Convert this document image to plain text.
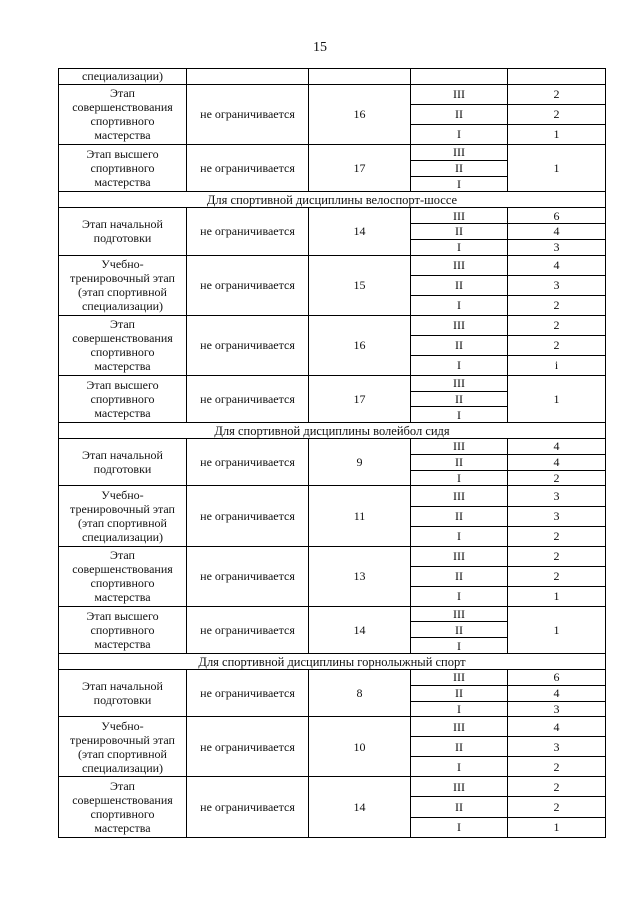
15
специализации)				
Этап совершенствования спортивного мастерства	не ограничивается	16	III	2
			II	2
			I	1
Этап высшего спортивного мастерства	не ограничивается	17	III	1
			II	
			I	
Для спортивной дисциплины велоспорт-шоссе				
Этап начальной подготовки	не ограничивается	14	III	6
			II	4
			I	3
Учебно-тренировочный этап (этап спортивной специализации)	не ограничивается	15	III	4
			II	3
			I	2
Этап совершенствования спортивного мастерства	не ограничивается	16	III	2
			II	2
			I	i
Этап высшего спортивного мастерства	не ограничивается	17	III	1
			II	
			I	
Для спортивной дисциплины волейбол сидя				
Этап начальной подготовки	не ограничивается	9	III	4
			II	4
			I	2
Учебно-тренировочный этап (этап спортивной специализации)	не ограничивается	11	III	3
			II	3
			I	2
Этап совершенствования спортивного мастерства	не ограничивается	13	III	2
			II	2
			I	1
Этап высшего спортивного мастерства	не ограничивается	14	III	1
			II	
			I	
Для спортивной дисциплины горнолыжный спорт				
Этап начальной подготовки	не ограничивается	8	III	6
			II	4
			I	3
Учебно-тренировочный этап (этап спортивной специализации)	не ограничивается	10	III	4
			II	3
			I	2
Этап совершенствования спортивного мастерства	не ограничивается	14	III	2
			II	2
			I	1
